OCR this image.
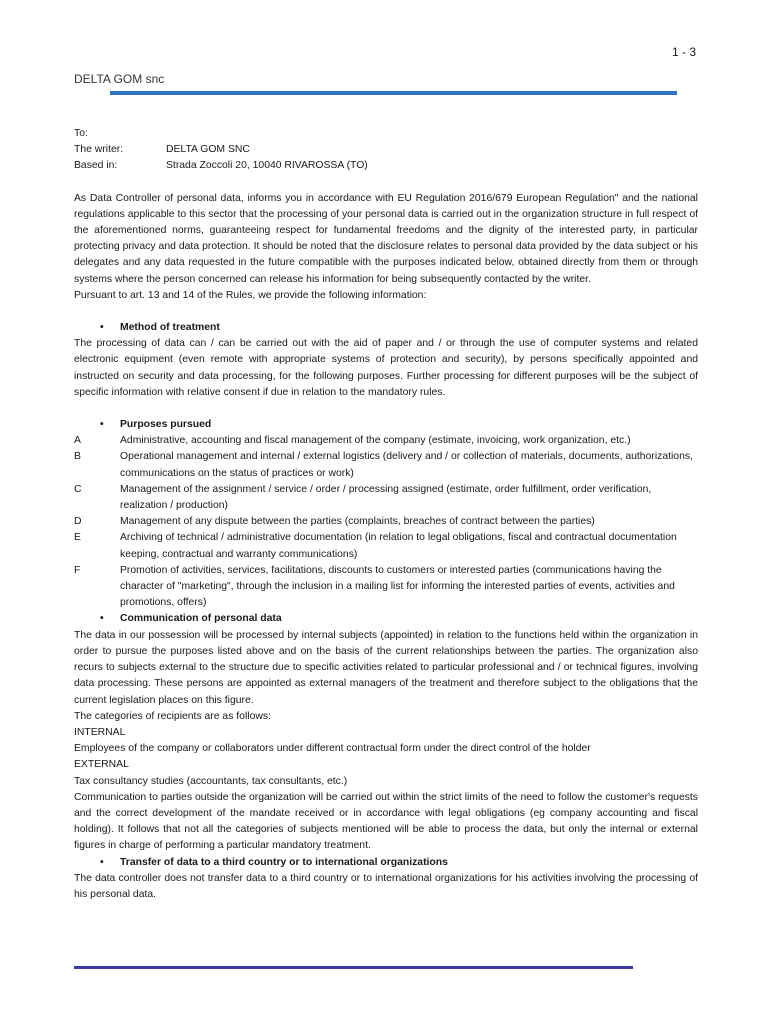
1 - 3
DELTA GOM snc
To:
The writer:	DELTA GOM SNC
Based in:	Strada Zoccoli 20, 10040 RIVAROSSA (TO)

As Data Controller of personal data, informs you in accordance with EU Regulation 2016/679 European Regulation" and the national regulations applicable to this sector that the processing of your personal data is carried out in the organization structure in full respect of the aforementioned norms, guaranteeing respect for fundamental freedoms and the dignity of the interested party, in particular protecting privacy and data protection. It should be noted that the disclosure relates to personal data provided by the data subject or his delegates and any data requested in the future compatible with the purposes indicated below, obtained directly from them or through systems where the person concerned can release his information for being subsequently contacted by the writer.

Pursuant to art. 13 and 14 of the Rules, we provide the following information:

•	Method of treatment

The processing of data can / can be carried out with the aid of paper and / or through the use of computer systems and related electronic equipment (even remote with appropriate systems of protection and security), by persons specifically appointed and instructed on security and data processing, for the following purposes. Further processing for different purposes will be the subject of specific information with relative consent if due in relation to the mandatory rules.

•	Purposes pursued
A	Administrative, accounting and fiscal management of the company (estimate, invoicing, work organization, etc.)
B	Operational management and internal / external logistics (delivery and / or collection of materials, documents, authorizations, communications on the status of practices or work)
C	Management of the assignment / service / order / processing assigned (estimate, order fulfillment, order verification, realization / production)
D	Management of any dispute between the parties (complaints, breaches of contract between the parties)
E	Archiving of technical / administrative documentation (in relation to legal obligations, fiscal and contractual documentation keeping, contractual and warranty communications)
F	Promotion of activities, services, facilitations, discounts to customers or interested parties (communications having the character of "marketing", through the inclusion in a mailing list for informing the interested parties of events, activities and promotions, offers)
•	Communication of personal data

The data in our possession will be processed by internal subjects (appointed) in relation to the functions held within the organization in order to pursue the purposes listed above and on the basis of the current relationships between the parties. The organization also recurs to subjects external to the structure due to specific activities related to particular professional and / or technical figures, involving data processing. These persons are appointed as external managers of the treatment and therefore subject to the obligations that the current legislation places on this figure.

The categories of recipients are as follows:

INTERNAL

Employees of the company or collaborators under different contractual form under the direct control of the holder

EXTERNAL

Tax consultancy studies (accountants, tax consultants, etc.)

Communication to parties outside the organization will be carried out within the strict limits of the need to follow the customer's requests and the correct development of the mandate received or in accordance with legal obligations (eg company accounting and fiscal holding). It follows that not all the categories of subjects mentioned will be able to process the data, but only the internal or external figures in charge of performing a particular mandatory treatment.

•	Transfer of data to a third country or to international organizations

The data controller does not transfer data to a third country or to international organizations for his activities involving the processing of his personal data.
